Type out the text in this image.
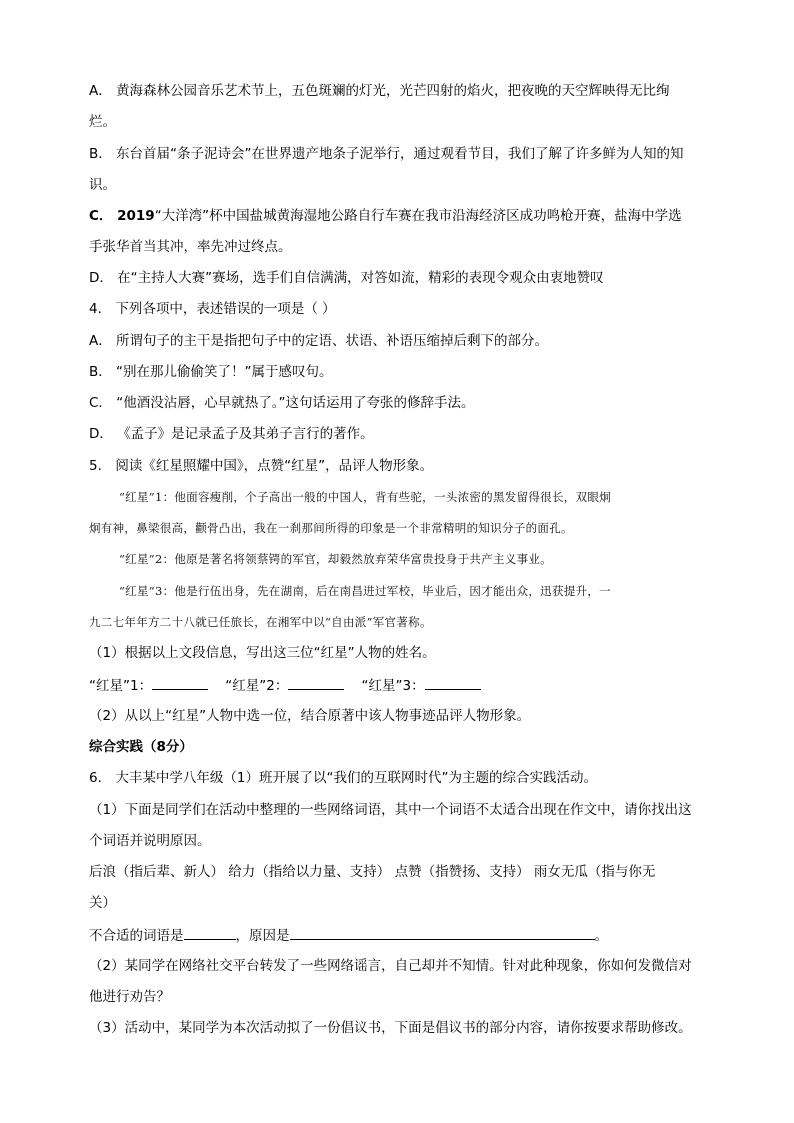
A． 黄海森林公园音乐艺术节上，五色斑斓的灯光，光芒四射的焰火，把夜晚的天空辉映得无比绚
烂。
B． 东台首届“条子泥诗会”在世界遗产地条子泥举行，通过观看节目，我们了解了许多鲜为人知的知
识。
C． 2019“大洋湾”杯中国盐城黄海湿地公路自行车赛在我市沿海经济区成功鸣枪开赛，盐海中学选
手张华首当其冲，率先冲过终点。
D． 在“主持人大赛”赛场，选手们自信满满，对答如流，精彩的表现令观众由衷地赞叹
4． 下列各项中，表述错误的一项是（ ）
A． 所谓句子的主干是指把句子中的定语、状语、补语压缩掉后剩下的部分。
B． “别在那儿偷偷笑了！”属于感叹句。
C． “他酒没沾唇，心早就热了。”这句话运用了夸张的修辞手法。
D． 《孟子》是记录孟子及其弟子言行的著作。
5． 阅读《红星照耀中国》，点赞“红星”，品评人物形象。
“红星”1：他面容瘦削，个子高出一般的中国人，背有些驼，一头浓密的黑发留得很长，双眼炯
炯有神，鼻梁很高，颧骨凸出，我在一刹那间所得的印象是一个非常精明的知识分子的面孔。
“红星”2：他原是著名将领蔡锷的军官，却毅然放弃荣华富贵投身于共产主义事业。
“红星”3：他是行伍出身，先在湖南，后在南昌进过军校，毕业后，因才能出众，迅获提升，一
九二七年年方二十八就已任旅长，在湘军中以“自由派”军官著称。
（1）根据以上文段信息，写出这三位“红星”人物的姓名。
“红星”1：	“红星”2：	“红星”3：
（2）从以上“红星”人物中选一位，结合原著中该人物事迹品评人物形象。
综合实践（8分）
6． 大丰某中学八年级（1）班开展了以“我们的互联网时代”为主题的综合实践活动。
（1）下面是同学们在活动中整理的一些网络词语，其中一个词语不太适合出现在作文中，请你找出这
个词语并说明原因。
后浪（指后辈、新人） 给力（指给以力量、支持） 点赞（指赞扬、支持） 雨女无瓜（指与你无
关）
不合适的词语是	，原因是	。
（2）某同学在网络社交平台转发了一些网络谣言，自己却并不知情。针对此种现象，你如何发微信对
他进行劝告？
（3）活动中，某同学为本次活动拟了一份倡议书，下面是倡议书的部分内容，请你按要求帮助修改。
